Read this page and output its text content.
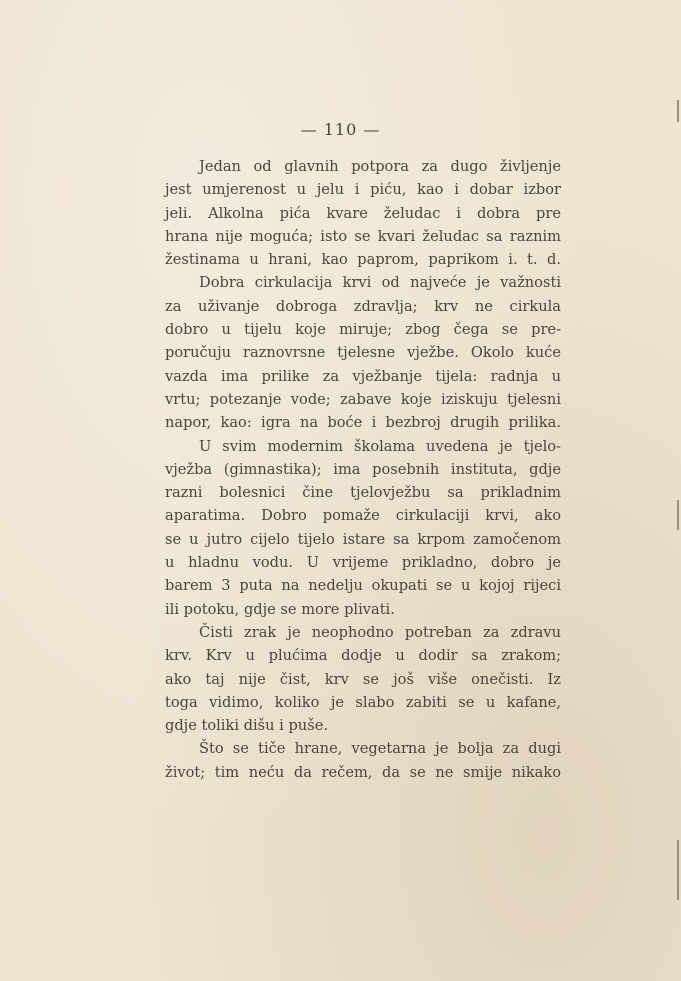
— 110 —
Jedan od glavnih potpora za dugo življenje
jest umjerenost u jelu i piću, kao i dobar izbor
jeli. Alkolna pića kvare želudac i dobra pre
hrana nije moguća; isto se kvari želudac sa raznim
žestinama u hrani, kao paprom, paprikom i. t. d.
Dobra cirkulacija krvi od najveće je važnosti
za uživanje dobroga zdravlja; krv ne cirkula
dobro u tijelu koje miruje; zbog čega se pre-
poručuju raznovrsne tjelesne vježbe. Okolo kuće
vazda ima prilike za vježbanje tijela: radnja u
vrtu; potezanje vode; zabave koje iziskuju tjelesni
napor, kao: igra na boće i bezbroj drugih prilika.
U svim modernim školama uvedena je tjelo-
vježba (gimnastika); ima posebnih instituta, gdje
razni bolesnici čine tjelovježbu sa prikladnim
aparatima. Dobro pomaže cirkulaciji krvi, ako
se u jutro cijelo tijelo istare sa krpom zamočenom
u hladnu vodu. U vrijeme prikladno, dobro je
barem 3 puta na nedelju okupati se u kojoj rijeci
ili potoku, gdje se more plivati.
Čisti zrak je neophodno potreban za zdravu
krv. Krv u plućima dodje u dodir sa zrakom;
ako taj nije čist, krv se još više onečisti. Iz
toga vidimo, koliko je slabo zabiti se u kafane,
gdje toliki dišu i puše.
Što se tiče hrane, vegetarna je bolja za dugi
život; tim neću da rečem, da se ne smije nikako
